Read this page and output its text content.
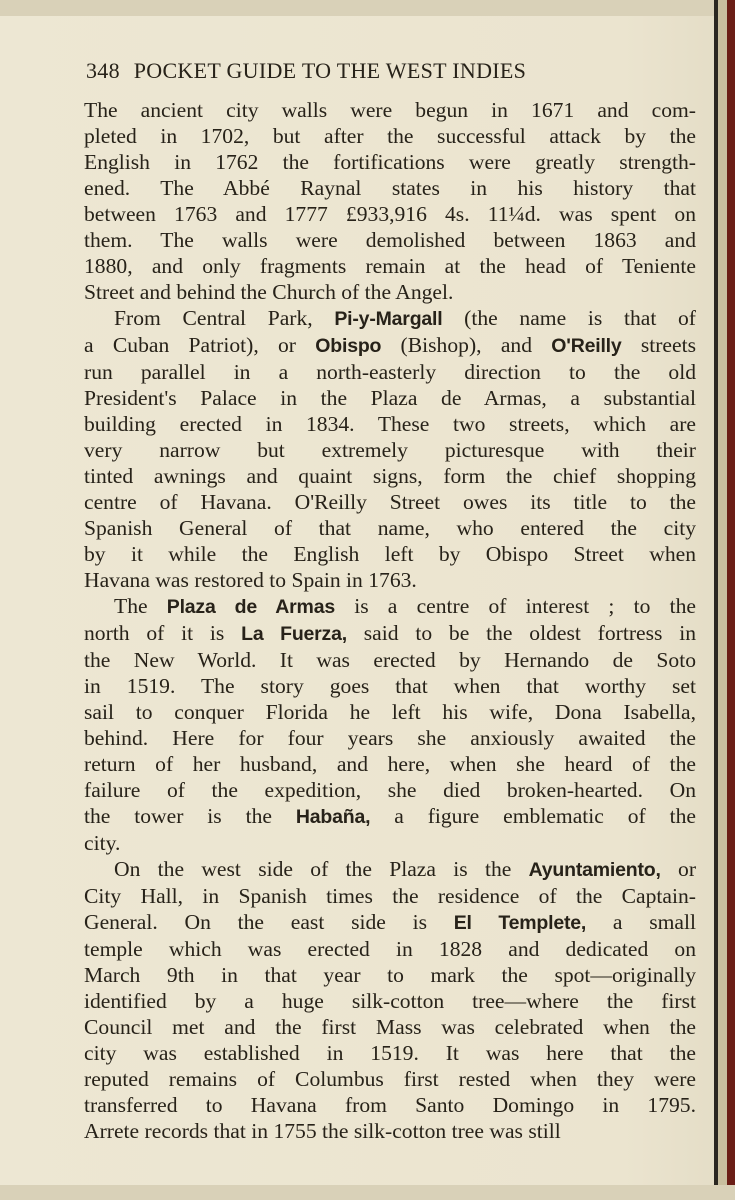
348 POCKET GUIDE TO THE WEST INDIES
The ancient city walls were begun in 1671 and com-
pleted in 1702, but after the successful attack by the
English in 1762 the fortifications were greatly strength-
ened. The Abbé Raynal states in his history that
between 1763 and 1777 £933,916 4s. 11¼d. was spent on
them. The walls were demolished between 1863 and
1880, and only fragments remain at the head of Teniente
Street and behind the Church of the Angel.
From Central Park, Pi-y-Margall (the name is that of
a Cuban Patriot), or Obispo (Bishop), and O'Reilly streets
run parallel in a north-easterly direction to the old
President's Palace in the Plaza de Armas, a substantial
building erected in 1834. These two streets, which are
very narrow but extremely picturesque with their
tinted awnings and quaint signs, form the chief shopping
centre of Havana. O'Reilly Street owes its title to the
Spanish General of that name, who entered the city
by it while the English left by Obispo Street when
Havana was restored to Spain in 1763.
The Plaza de Armas is a centre of interest ; to the
north of it is La Fuerza, said to be the oldest fortress in
the New World. It was erected by Hernando de Soto
in 1519. The story goes that when that worthy set
sail to conquer Florida he left his wife, Dona Isabella,
behind. Here for four years she anxiously awaited the
return of her husband, and here, when she heard of the
failure of the expedition, she died broken-hearted. On
the tower is the Habaña, a figure emblematic of the
city.
On the west side of the Plaza is the Ayuntamiento, or
City Hall, in Spanish times the residence of the Captain-
General. On the east side is El Templete, a small
temple which was erected in 1828 and dedicated on
March 9th in that year to mark the spot—originally
identified by a huge silk-cotton tree—where the first
Council met and the first Mass was celebrated when the
city was established in 1519. It was here that the
reputed remains of Columbus first rested when they were
transferred to Havana from Santo Domingo in 1795.
Arrete records that in 1755 the silk-cotton tree was still
